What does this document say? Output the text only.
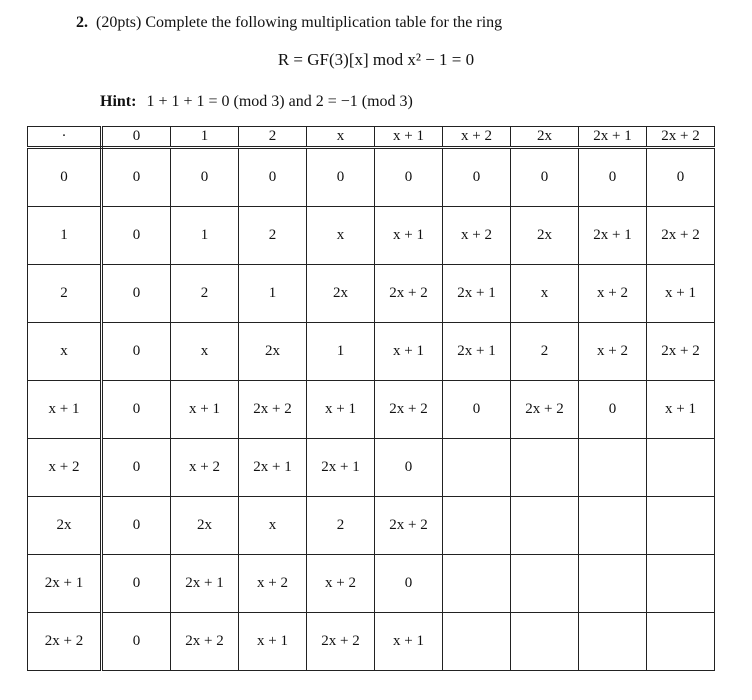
2. (20pts) Complete the following multiplication table for the ring
R = GF(3)[x] mod x² − 1 = 0
Hint: 1 + 1 + 1 = 0 (mod 3) and 2 = −1 (mod 3)
·	0	1	2	x	x + 1	x + 2	2x	2x + 1	2x + 2
0	0	0	0	0	0	0	0	0	0
1	0	1	2	x	x + 1	x + 2	2x	2x + 1	2x + 2
2	0	2	1	2x	2x + 2	2x + 1	x	x + 2	x + 1
x	0	x	2x	1	x + 1	2x + 1	2	x + 2	2x + 2
x + 1	0	x + 1	2x + 2	x + 1	2x + 2	0	2x + 2	0	x + 1
x + 2	0	x + 2	2x + 1	2x + 1	0				
2x	0	2x	x	2	2x + 2				
2x + 1	0	2x + 1	x + 2	x + 2	0				
2x + 2	0	2x + 2	x + 1	2x + 2	x + 1				
